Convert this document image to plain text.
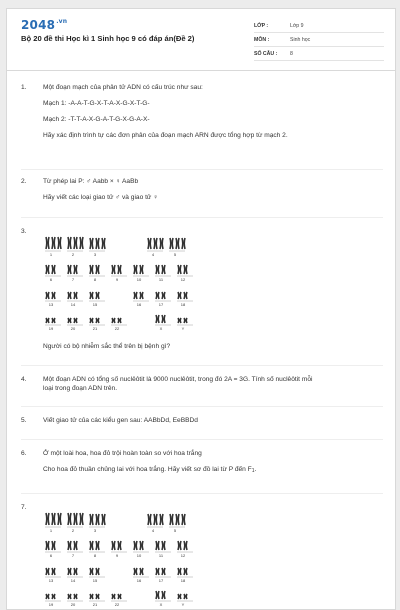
$2048^{.vn}$
Bộ 20 đề thi Học kì 1 Sinh học 9 có đáp án(Đề 2)
LỚP :	Lớp 9
MÔN :	Sinh học
SỐ CÂU :	8
1.	Một đoạn mạch của phân tử ADN có cấu trúc như sau:
Mạch 1: -A-A-T-G-X-T-A-X-G-X-T-G-
Mạch 2: -T-T-A-X-G-A-T-G-X-G-A-X-
Hãy xác định trình tự các đơn phân của đoạn mạch ARN được tổng hợp từ mạch 2.
2.	Từ phép lai P: ♂ Aabb × ♀ AaBb
Hãy viết các loại giao tử ♂ và giao tử ♀
3.
1	2	3	4	5
6	7	8	9	10	11	12
13	14	15	16	17	18
19	20	21	22	X	Y
Người có bộ nhiễm sắc thể trên bị bệnh gì?
4.	Một đoạn ADN có tổng số nuclêôtit là 9000 nuclêôtit, trong đó 2A = 3G. Tính số nuclêôtit mỗi
loại trong đoạn ADN trên.
5.	Viết giao tử của các kiểu gen sau: AABbDd, EeBBDd
6.	Ở một loài hoa, hoa đỏ trội hoàn toàn so với hoa trắng
Cho hoa đỏ thuần chủng lai với hoa trắng. Hãy viết sơ đồ lai từ P đến $F_1$.
7.
1	2	3	4	5
6	7	8	9	10	11	12
13	14	15	16	17	18
19	20	21	22	X	Y
